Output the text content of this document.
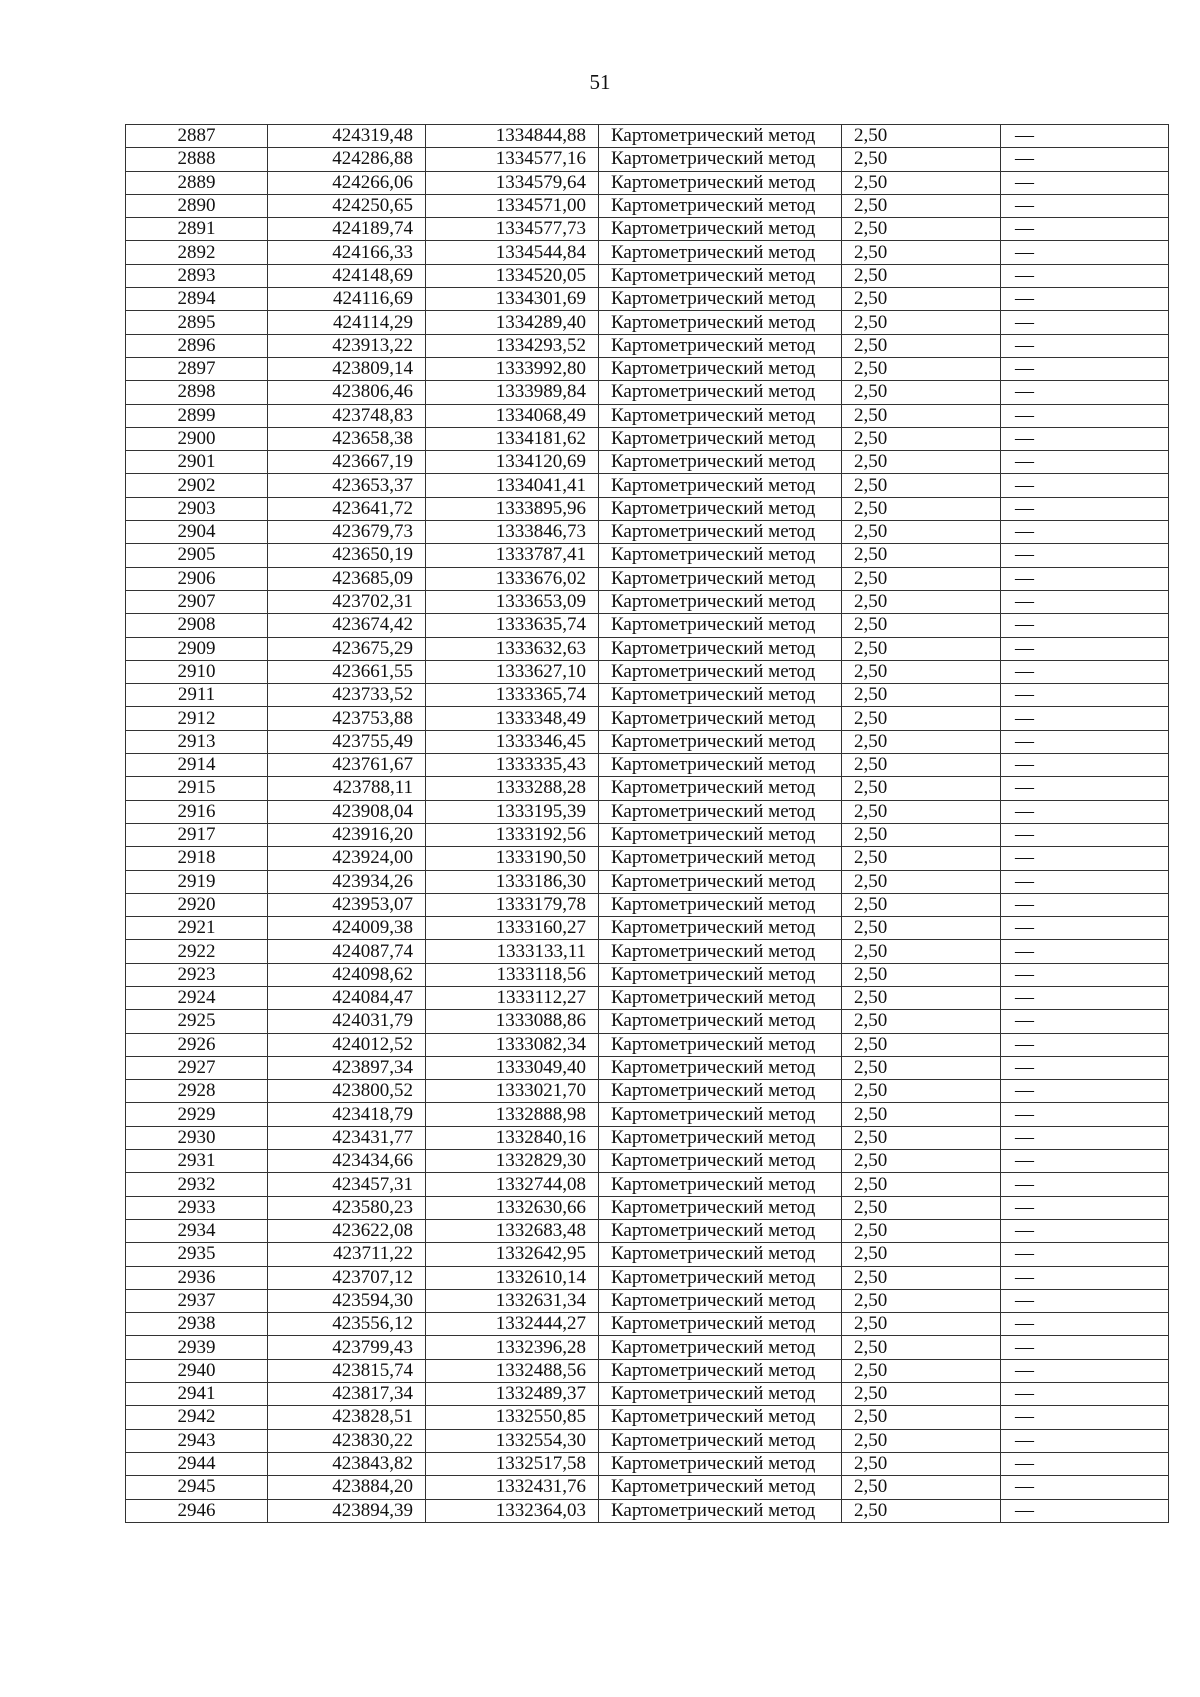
51
2887	424319,48	1334844,88	Картометрический метод	2,50	—
2888	424286,88	1334577,16	Картометрический метод	2,50	—
2889	424266,06	1334579,64	Картометрический метод	2,50	—
2890	424250,65	1334571,00	Картометрический метод	2,50	—
2891	424189,74	1334577,73	Картометрический метод	2,50	—
2892	424166,33	1334544,84	Картометрический метод	2,50	—
2893	424148,69	1334520,05	Картометрический метод	2,50	—
2894	424116,69	1334301,69	Картометрический метод	2,50	—
2895	424114,29	1334289,40	Картометрический метод	2,50	—
2896	423913,22	1334293,52	Картометрический метод	2,50	—
2897	423809,14	1333992,80	Картометрический метод	2,50	—
2898	423806,46	1333989,84	Картометрический метод	2,50	—
2899	423748,83	1334068,49	Картометрический метод	2,50	—
2900	423658,38	1334181,62	Картометрический метод	2,50	—
2901	423667,19	1334120,69	Картометрический метод	2,50	—
2902	423653,37	1334041,41	Картометрический метод	2,50	—
2903	423641,72	1333895,96	Картометрический метод	2,50	—
2904	423679,73	1333846,73	Картометрический метод	2,50	—
2905	423650,19	1333787,41	Картометрический метод	2,50	—
2906	423685,09	1333676,02	Картометрический метод	2,50	—
2907	423702,31	1333653,09	Картометрический метод	2,50	—
2908	423674,42	1333635,74	Картометрический метод	2,50	—
2909	423675,29	1333632,63	Картометрический метод	2,50	—
2910	423661,55	1333627,10	Картометрический метод	2,50	—
2911	423733,52	1333365,74	Картометрический метод	2,50	—
2912	423753,88	1333348,49	Картометрический метод	2,50	—
2913	423755,49	1333346,45	Картометрический метод	2,50	—
2914	423761,67	1333335,43	Картометрический метод	2,50	—
2915	423788,11	1333288,28	Картометрический метод	2,50	—
2916	423908,04	1333195,39	Картометрический метод	2,50	—
2917	423916,20	1333192,56	Картометрический метод	2,50	—
2918	423924,00	1333190,50	Картометрический метод	2,50	—
2919	423934,26	1333186,30	Картометрический метод	2,50	—
2920	423953,07	1333179,78	Картометрический метод	2,50	—
2921	424009,38	1333160,27	Картометрический метод	2,50	—
2922	424087,74	1333133,11	Картометрический метод	2,50	—
2923	424098,62	1333118,56	Картометрический метод	2,50	—
2924	424084,47	1333112,27	Картометрический метод	2,50	—
2925	424031,79	1333088,86	Картометрический метод	2,50	—
2926	424012,52	1333082,34	Картометрический метод	2,50	—
2927	423897,34	1333049,40	Картометрический метод	2,50	—
2928	423800,52	1333021,70	Картометрический метод	2,50	—
2929	423418,79	1332888,98	Картометрический метод	2,50	—
2930	423431,77	1332840,16	Картометрический метод	2,50	—
2931	423434,66	1332829,30	Картометрический метод	2,50	—
2932	423457,31	1332744,08	Картометрический метод	2,50	—
2933	423580,23	1332630,66	Картометрический метод	2,50	—
2934	423622,08	1332683,48	Картометрический метод	2,50	—
2935	423711,22	1332642,95	Картометрический метод	2,50	—
2936	423707,12	1332610,14	Картометрический метод	2,50	—
2937	423594,30	1332631,34	Картометрический метод	2,50	—
2938	423556,12	1332444,27	Картометрический метод	2,50	—
2939	423799,43	1332396,28	Картометрический метод	2,50	—
2940	423815,74	1332488,56	Картометрический метод	2,50	—
2941	423817,34	1332489,37	Картометрический метод	2,50	—
2942	423828,51	1332550,85	Картометрический метод	2,50	—
2943	423830,22	1332554,30	Картометрический метод	2,50	—
2944	423843,82	1332517,58	Картометрический метод	2,50	—
2945	423884,20	1332431,76	Картометрический метод	2,50	—
2946	423894,39	1332364,03	Картометрический метод	2,50	—
